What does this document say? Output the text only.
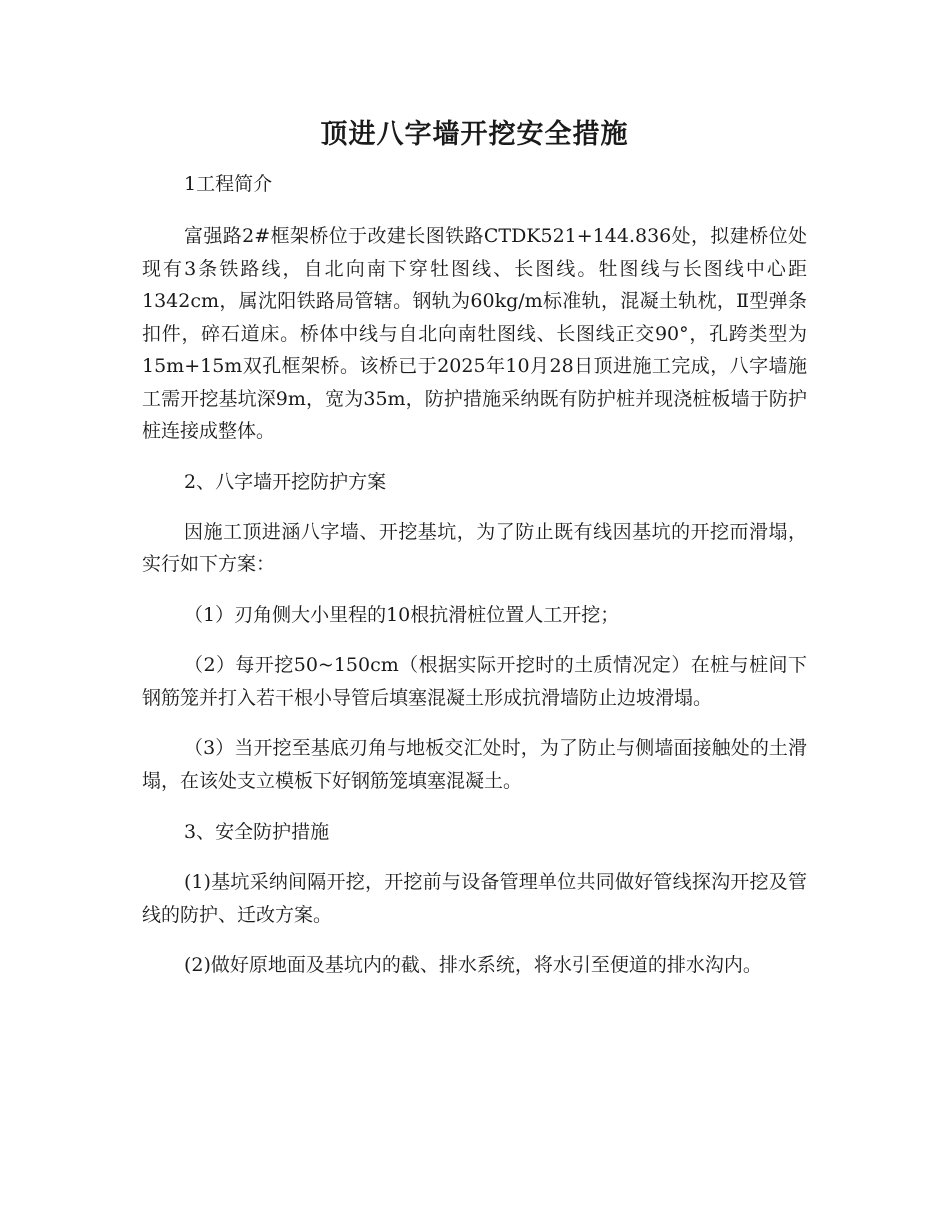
顶进八字墙开挖安全措施

1工程简介

富强路2#框架桥位于改建长图铁路CTDK521+144.836处，拟建桥位处现有3条铁路线，自北向南下穿牡图线、长图线。牡图线与长图线中心距1342cm，属沈阳铁路局管辖。钢轨为60kg/m标准轨，混凝土轨枕，Ⅱ型弹条扣件，碎石道床。桥体中线与自北向南牡图线、长图线正交90°，孔跨类型为15m+15m双孔框架桥。该桥已于2025年10月28日顶进施工完成，八字墙施工需开挖基坑深9m，宽为35m，防护措施采纳既有防护桩并现浇桩板墙于防护桩连接成整体。

2、八字墙开挖防护方案

因施工顶进涵八字墙、开挖基坑，为了防止既有线因基坑的开挖而滑塌，实行如下方案：

（1）刃角侧大小里程的10根抗滑桩位置人工开挖；

（2）每开挖50~150cm（根据实际开挖时的土质情况定）在桩与桩间下钢筋笼并打入若干根小导管后填塞混凝土形成抗滑墙防止边坡滑塌。

（3）当开挖至基底刃角与地板交汇处时，为了防止与侧墙面接触处的土滑塌，在该处支立模板下好钢筋笼填塞混凝土。

3、安全防护措施

(1)基坑采纳间隔开挖，开挖前与设备管理单位共同做好管线探沟开挖及管线的防护、迁改方案。

(2)做好原地面及基坑内的截、排水系统，将水引至便道的排水沟内。
